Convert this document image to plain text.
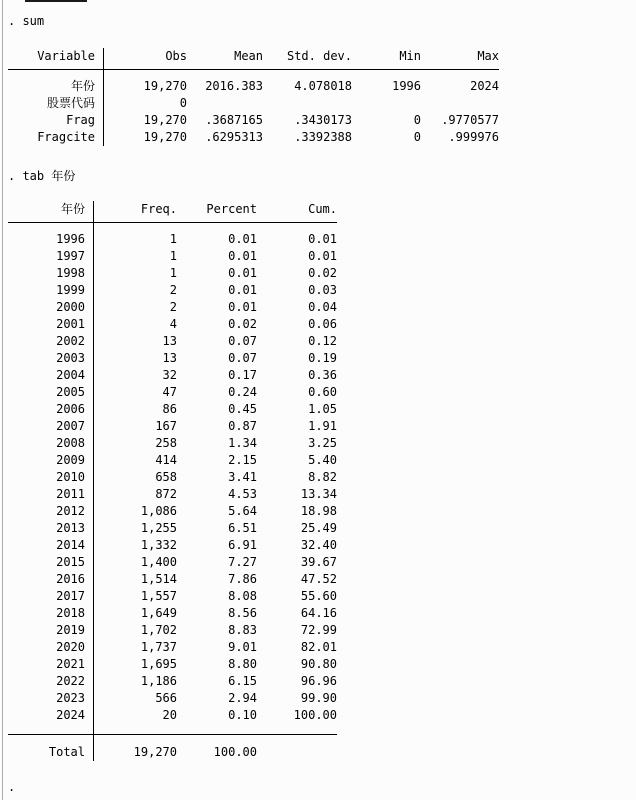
. sum
Variable	Obs	Mean	Std. dev.	Min	Max
年份	19,270	2016.383	4.078018	1996	2024
股票代码	0
Frag	19,270	.3687165	.3430173	0	.9770577
Fragcite	19,270	.6295313	.3392388	0	.999976
. tab 年份
年份	Freq.	Percent	Cum.
1996	1	0.01	0.01
1997	1	0.01	0.01
1998	1	0.01	0.02
1999	2	0.01	0.03
2000	2	0.01	0.04
2001	4	0.02	0.06
2002	13	0.07	0.12
2003	13	0.07	0.19
2004	32	0.17	0.36
2005	47	0.24	0.60
2006	86	0.45	1.05
2007	167	0.87	1.91
2008	258	1.34	3.25
2009	414	2.15	5.40
2010	658	3.41	8.82
2011	872	4.53	13.34
2012	1,086	5.64	18.98
2013	1,255	6.51	25.49
2014	1,332	6.91	32.40
2015	1,400	7.27	39.67
2016	1,514	7.86	47.52
2017	1,557	8.08	55.60
2018	1,649	8.56	64.16
2019	1,702	8.83	72.99
2020	1,737	9.01	82.01
2021	1,695	8.80	90.80
2022	1,186	6.15	96.96
2023	566	2.94	99.90
2024	20	0.10	100.00
Total	19,270	100.00
.
